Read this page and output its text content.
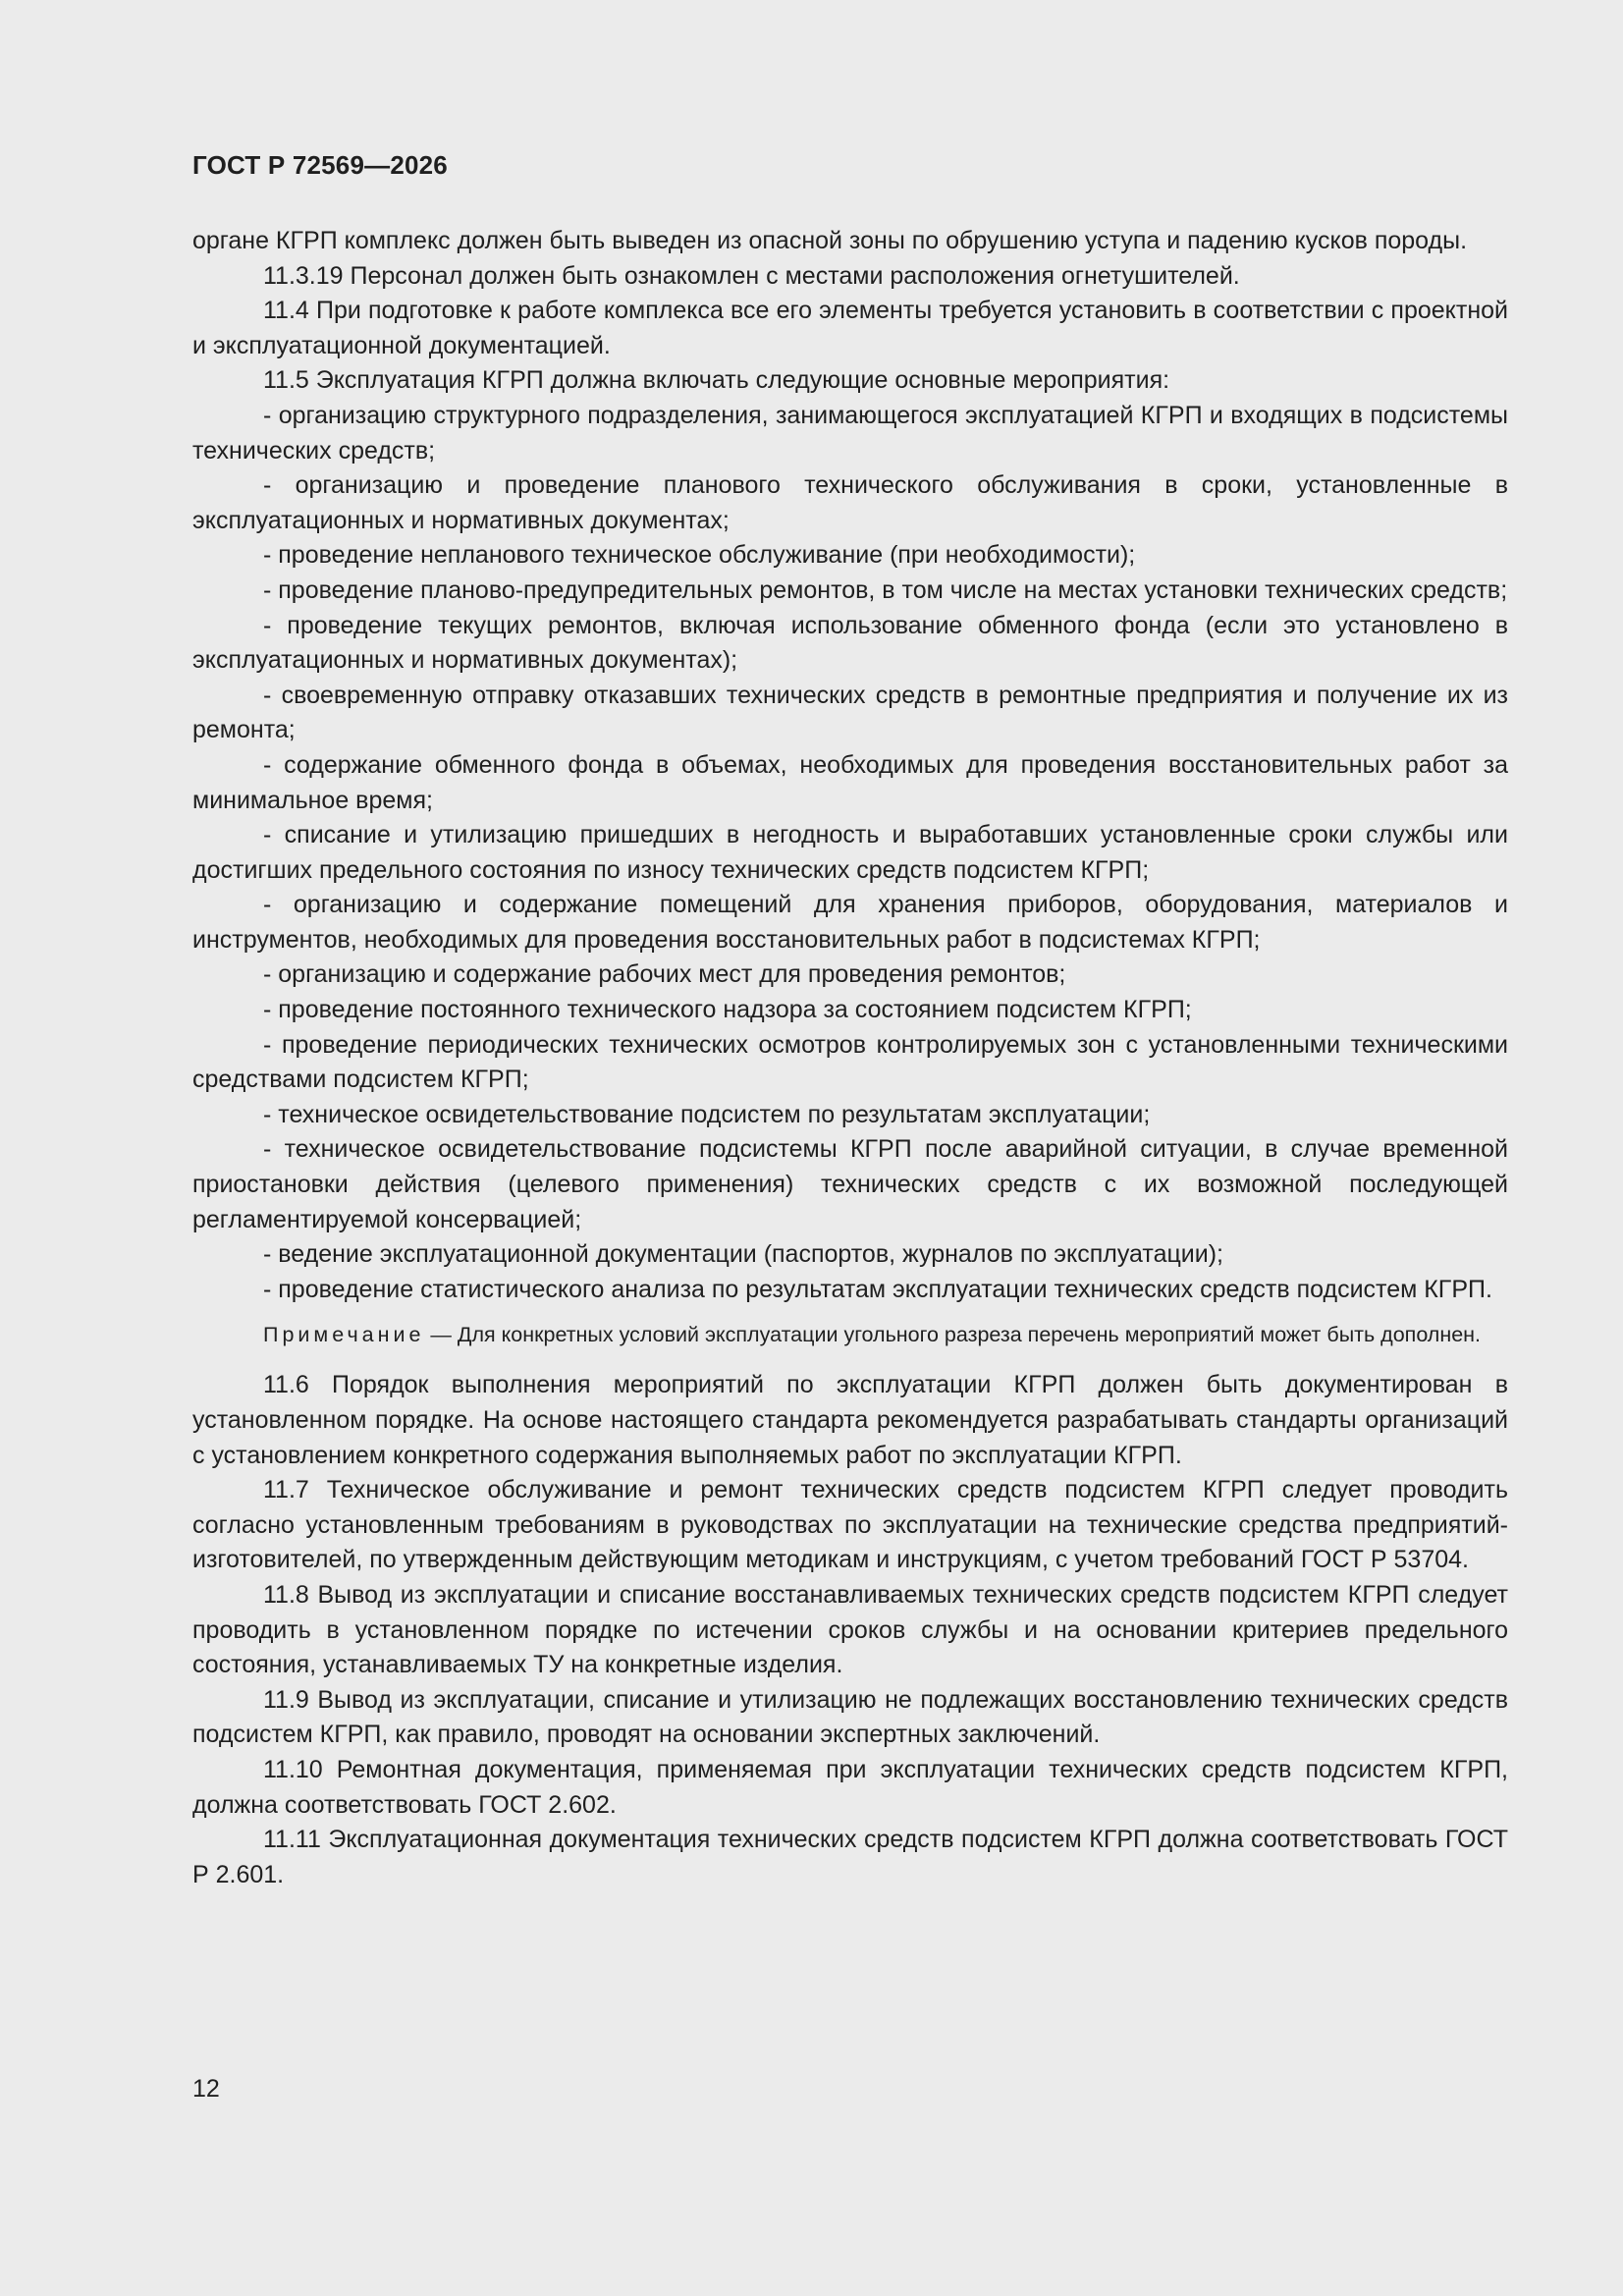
ГОСТ Р 72569—2026

органе КГРП комплекс должен быть выведен из опасной зоны по обрушению уступа и падению кусков породы.

11.3.19 Персонал должен быть ознакомлен с местами расположения огнетушителей.

11.4 При подготовке к работе комплекса все его элементы требуется установить в соответствии с проектной и эксплуатационной документацией.

11.5 Эксплуатация КГРП должна включать следующие основные мероприятия:

- организацию структурного подразделения, занимающегося эксплуатацией КГРП и входящих в подсистемы технических средств;

- организацию и проведение планового технического обслуживания в сроки, установленные в эксплуатационных и нормативных документах;

- проведение непланового техническое обслуживание (при необходимости);

- проведение планово-предупредительных ремонтов, в том числе на местах установки технических средств;

- проведение текущих ремонтов, включая использование обменного фонда (если это установлено в эксплуатационных и нормативных документах);

- своевременную отправку отказавших технических средств в ремонтные предприятия и получение их из ремонта;

- содержание обменного фонда в объемах, необходимых для проведения восстановительных работ за минимальное время;

- списание и утилизацию пришедших в негодность и выработавших установленные сроки службы или достигших предельного состояния по износу технических средств подсистем КГРП;

- организацию и содержание помещений для хранения приборов, оборудования, материалов и инструментов, необходимых для проведения восстановительных работ в подсистемах КГРП;

- организацию и содержание рабочих мест для проведения ремонтов;

- проведение постоянного технического надзора за состоянием подсистем КГРП;

- проведение периодических технических осмотров контролируемых зон с установленными техническими средствами подсистем КГРП;

- техническое освидетельствование подсистем по результатам эксплуатации;

- техническое освидетельствование подсистемы КГРП после аварийной ситуации, в случае временной приостановки действия (целевого применения) технических средств с их возможной последующей регламентируемой консервацией;

- ведение эксплуатационной документации (паспортов, журналов по эксплуатации);

- проведение статистического анализа по результатам эксплуатации технических средств подсистем КГРП.

Примечание — Для конкретных условий эксплуатации угольного разреза перечень мероприятий может быть дополнен.

11.6 Порядок выполнения мероприятий по эксплуатации КГРП должен быть документирован в установленном порядке. На основе настоящего стандарта рекомендуется разрабатывать стандарты организаций с установлением конкретного содержания выполняемых работ по эксплуатации КГРП.

11.7 Техническое обслуживание и ремонт технических средств подсистем КГРП следует проводить согласно установленным требованиям в руководствах по эксплуатации на технические средства предприятий-изготовителей, по утвержденным действующим методикам и инструкциям, с учетом требований ГОСТ Р 53704.

11.8 Вывод из эксплуатации и списание восстанавливаемых технических средств подсистем КГРП следует проводить в установленном порядке по истечении сроков службы и на основании критериев предельного состояния, устанавливаемых ТУ на конкретные изделия.

11.9 Вывод из эксплуатации, списание и утилизацию не подлежащих восстановлению технических средств подсистем КГРП, как правило, проводят на основании экспертных заключений.

11.10 Ремонтная документация, применяемая при эксплуатации технических средств подсистем КГРП, должна соответствовать ГОСТ 2.602.

11.11 Эксплуатационная документация технических средств подсистем КГРП должна соответствовать ГОСТ Р 2.601.

12
